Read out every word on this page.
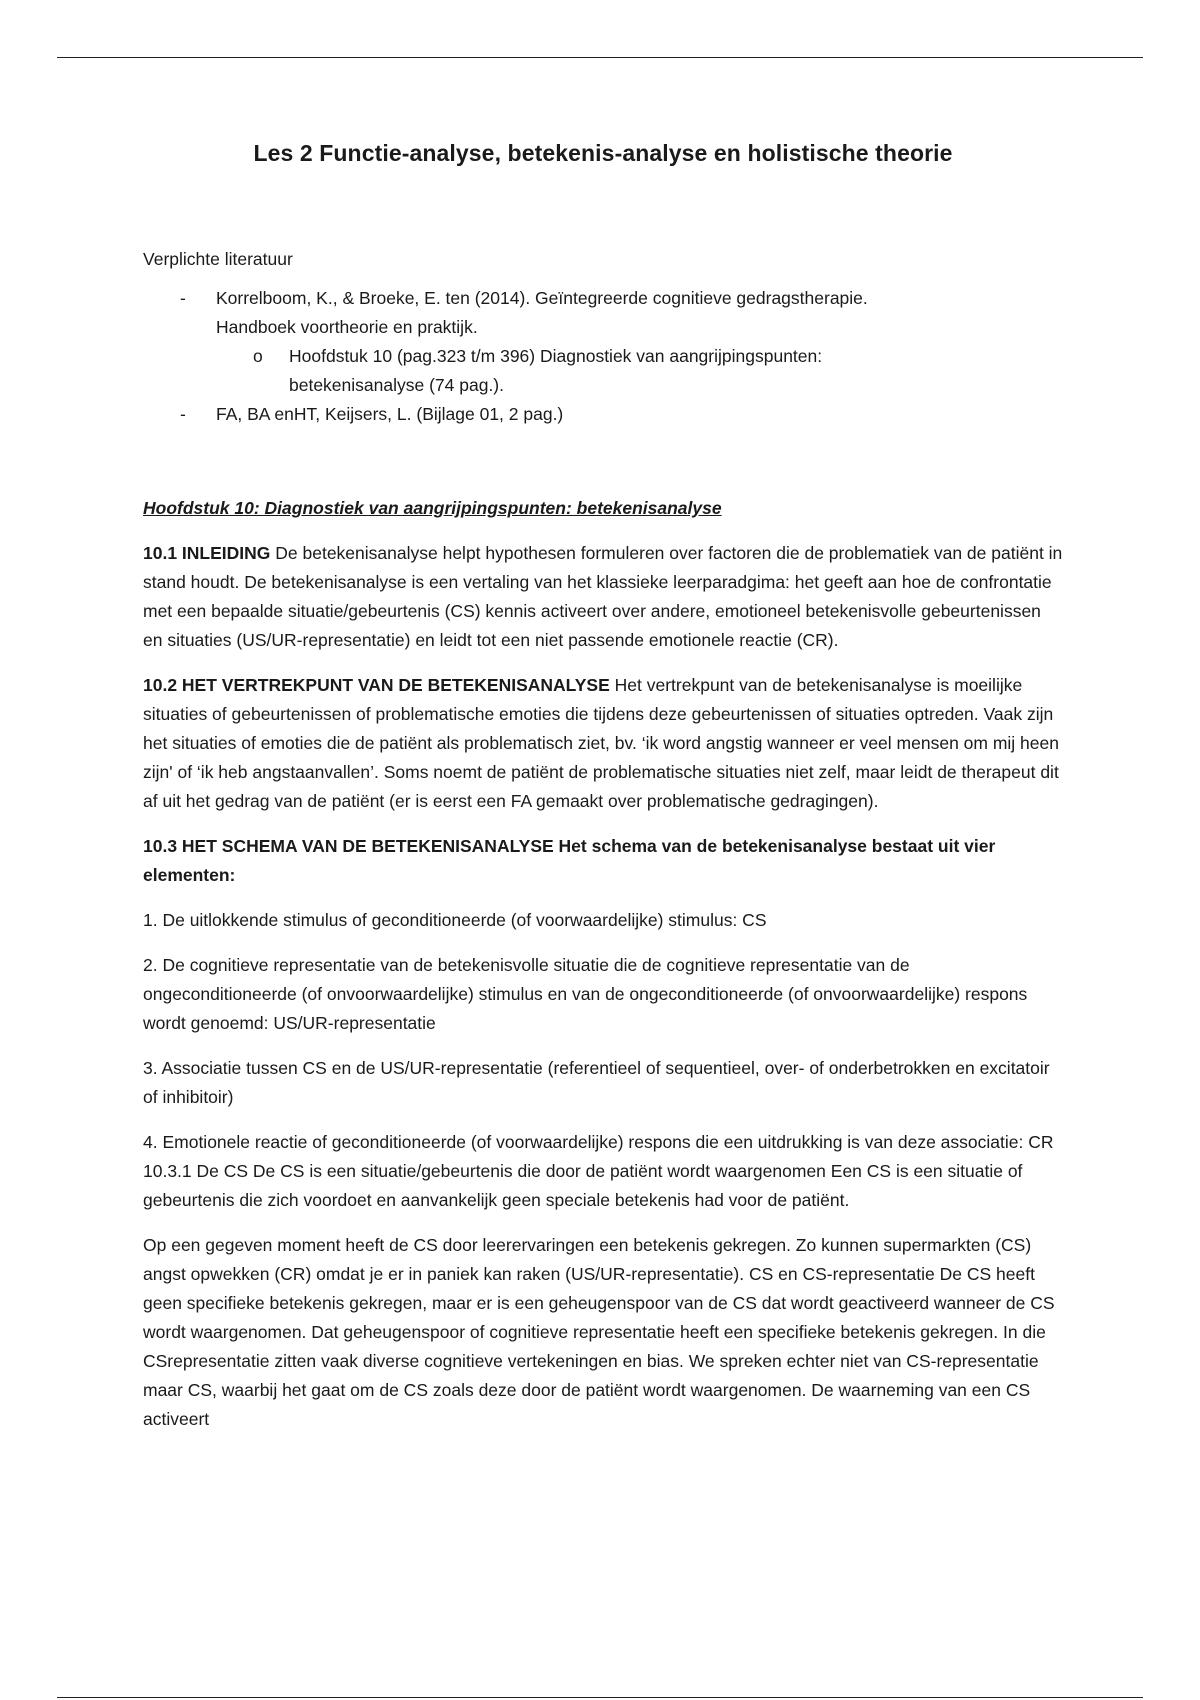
Les 2 Functie-analyse, betekenis-analyse en holistische theorie
Verplichte literatuur
- Korrelboom, K., & Broeke, E. ten (2014). Geïntegreerde cognitieve gedragstherapie.
Handboek voortheorie en praktijk.
o Hoofdstuk 10 (pag.323 t/m 396) Diagnostiek van aangrijpingspunten:
betekenisanalyse (74 pag.).
- FA, BA enHT, Keijsers, L. (Bijlage 01, 2 pag.)
Hoofdstuk 10: Diagnostiek van aangrijpingspunten: betekenisanalyse

10.1 INLEIDING De betekenisanalyse helpt hypothesen formuleren over factoren die de problematiek van de patiënt in stand houdt. De betekenisanalyse is een vertaling van het klassieke leerparadgima: het geeft aan hoe de confrontatie met een bepaalde situatie/gebeurtenis (CS) kennis activeert over andere, emotioneel betekenisvolle gebeurtenissen en situaties (US/UR-representatie) en leidt tot een niet passende emotionele reactie (CR).

10.2 HET VERTREKPUNT VAN DE BETEKENISANALYSE Het vertrekpunt van de betekenisanalyse is moeilijke situaties of gebeurtenissen of problematische emoties die tijdens deze gebeurtenissen of situaties optreden. Vaak zijn het situaties of emoties die de patiënt als problematisch ziet, bv. ‘ik word angstig wanneer er veel mensen om mij heen zijn' of ‘ik heb angstaanvallen’. Soms noemt de patiënt de problematische situaties niet zelf, maar leidt de therapeut dit af uit het gedrag van de patiënt (er is eerst een FA gemaakt over problematische gedragingen).

10.3 HET SCHEMA VAN DE BETEKENISANALYSE Het schema van de betekenisanalyse bestaat uit vier elementen:

1. De uitlokkende stimulus of geconditioneerde (of voorwaardelijke) stimulus: CS

2. De cognitieve representatie van de betekenisvolle situatie die de cognitieve representatie van de ongeconditioneerde (of onvoorwaardelijke) stimulus en van de ongeconditioneerde (of onvoorwaardelijke) respons wordt genoemd: US/UR-representatie

3. Associatie tussen CS en de US/UR-representatie (referentieel of sequentieel, over- of onderbetrokken en excitatoir of inhibitoir)

4. Emotionele reactie of geconditioneerde (of voorwaardelijke) respons die een uitdrukking is van deze associatie: CR 10.3.1 De CS De CS is een situatie/gebeurtenis die door de patiënt wordt waargenomen Een CS is een situatie of gebeurtenis die zich voordoet en aanvankelijk geen speciale betekenis had voor de patiënt.

Op een gegeven moment heeft de CS door leerervaringen een betekenis gekregen. Zo kunnen supermarkten (CS) angst opwekken (CR) omdat je er in paniek kan raken (US/UR-representatie). CS en CS-representatie De CS heeft geen specifieke betekenis gekregen, maar er is een geheugenspoor van de CS dat wordt geactiveerd wanneer de CS wordt waargenomen. Dat geheugenspoor of cognitieve representatie heeft een specifieke betekenis gekregen. In die CSrepresentatie zitten vaak diverse cognitieve vertekeningen en bias. We spreken echter niet van CS-representatie maar CS, waarbij het gaat om de CS zoals deze door de patiënt wordt waargenomen. De waarneming van een CS activeert
